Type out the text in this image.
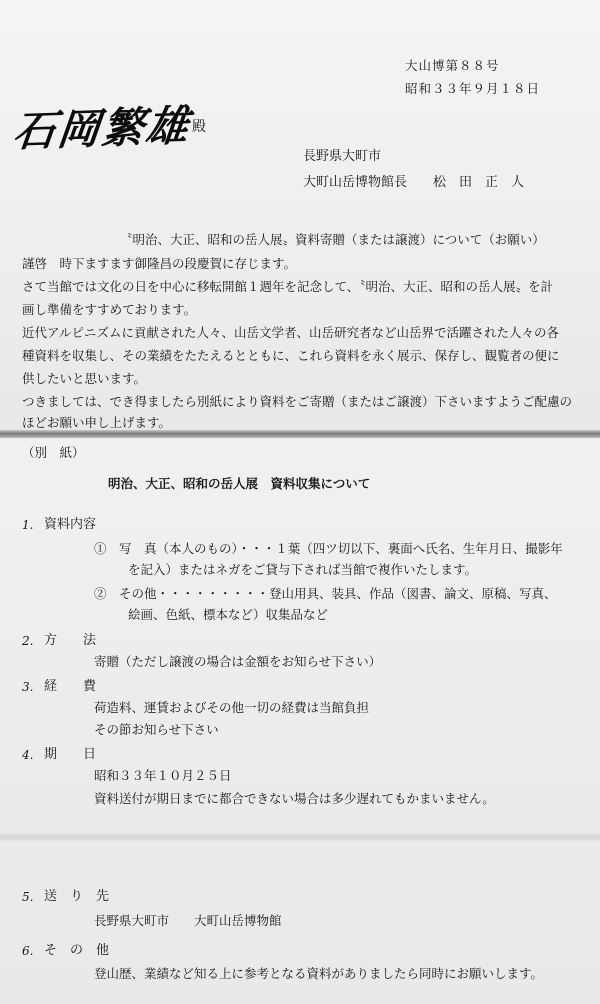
大山博第８８号
昭和３３年９月１８日
石岡繁雄 殿
長野県大町市
大町山岳博物館長　　松　田　正　人
〝明治、大正、昭和の岳人展〟資料寄贈（または譲渡）について（お願い）
謹啓　時下ますます御隆昌の段慶賀に存じます。
さて当館では文化の日を中心に移転開館１週年を記念して、〝明治、大正、昭和の岳人展〟を計
画し準備をすすめております。
近代アルピニズムに貢献された人々、山岳文学者、山岳研究者など山岳界で活躍された人々の各
種資料を収集し、その業績をたたえるとともに、これら資料を永く展示、保存し、観覧者の便に
供したいと思います。
つきましては、でき得ましたら別紙により資料をご寄贈（またはご譲渡）下さいますようご配慮の
ほどお願い申し上げます。
（別　紙）
明治、大正、昭和の岳人展　資料収集について
1. 資料内容
①　写　真（本人のもの）・・・１葉（四ツ切以下、裏面へ氏名、生年月日、撮影年
を記入）またはネガをご貸与下されば当館で複作いたします。
②　その他・・・・・・・・・登山用具、装具、作品（図書、論文、原稿、写真、
絵画、色紙、標本など）収集品など
2. 方　　法
寄贈（ただし譲渡の場合は金額をお知らせ下さい）
3. 経　　費
荷造料、運賃およびその他一切の経費は当館負担
その節お知らせ下さい
4. 期　　日
昭和３３年１０月２５日
資料送付が期日までに都合できない場合は多少遅れてもかまいません。
5. 送　り　先
長野県大町市　　大町山岳博物館
6. そ　の　他
登山歴、業績など知る上に参考となる資料がありましたら同時にお願いします。
